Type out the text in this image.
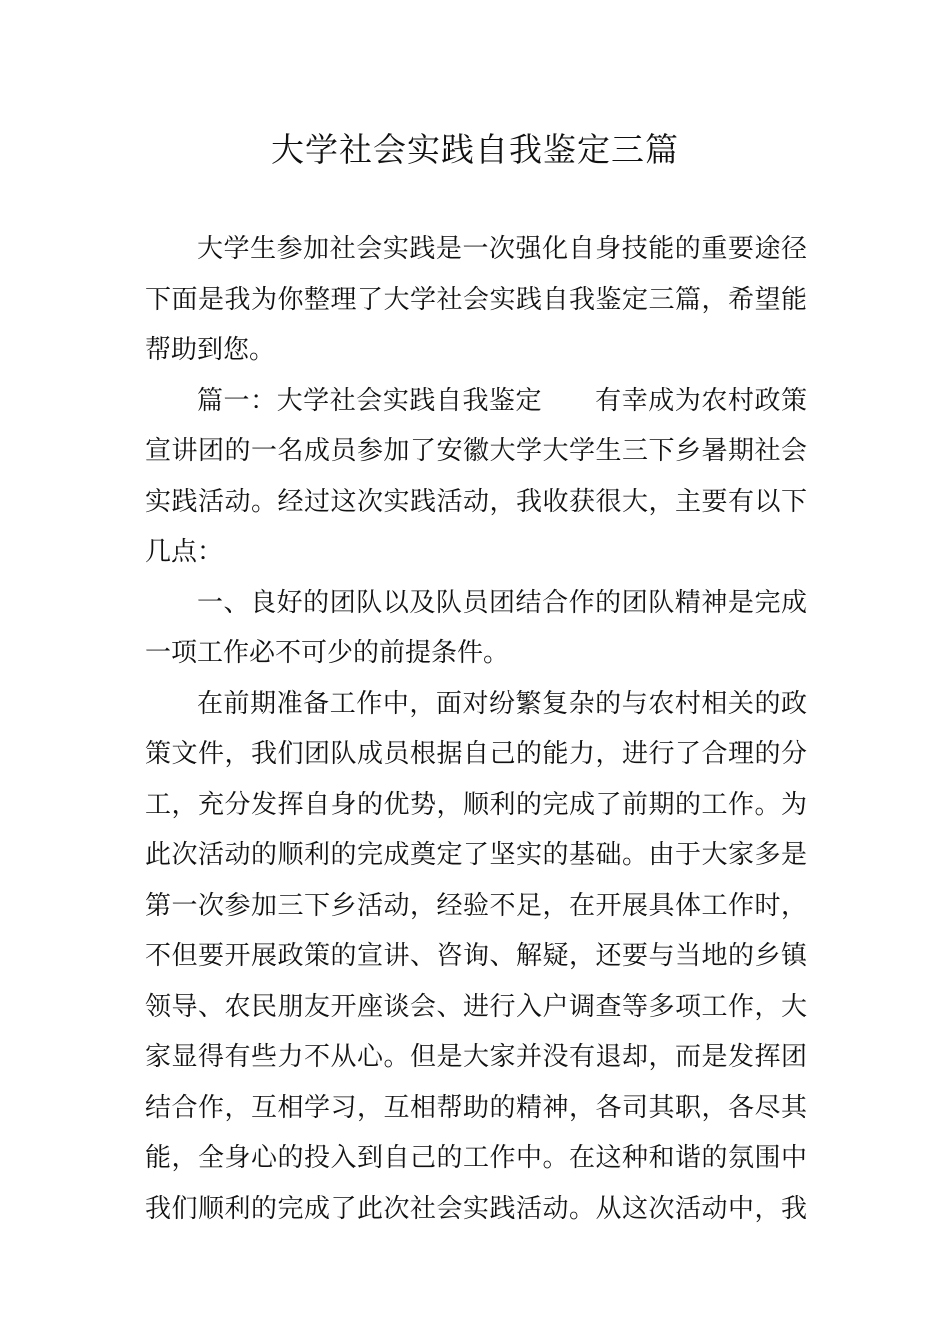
大学社会实践自我鉴定三篇
大学生参加社会实践是一次强化自身技能的重要途径
下面是我为你整理了大学社会实践自我鉴定三篇，希望能
帮助到您。
篇一：大学社会实践自我鉴定　　有幸成为农村政策
宣讲团的一名成员参加了安徽大学大学生三下乡暑期社会
实践活动。经过这次实践活动，我收获很大，主要有以下
几点：
一、良好的团队以及队员团结合作的团队精神是完成
一项工作必不可少的前提条件。
在前期准备工作中，面对纷繁复杂的与农村相关的政
策文件，我们团队成员根据自己的能力，进行了合理的分
工，充分发挥自身的优势，顺利的完成了前期的工作。为
此次活动的顺利的完成奠定了坚实的基础。由于大家多是
第一次参加三下乡活动，经验不足，在开展具体工作时，
不但要开展政策的宣讲、咨询、解疑，还要与当地的乡镇
领导、农民朋友开座谈会、进行入户调查等多项工作，大
家显得有些力不从心。但是大家并没有退却，而是发挥团
结合作，互相学习，互相帮助的精神，各司其职，各尽其
能，全身心的投入到自己的工作中。在这种和谐的氛围中
我们顺利的完成了此次社会实践活动。从这次活动中，我
